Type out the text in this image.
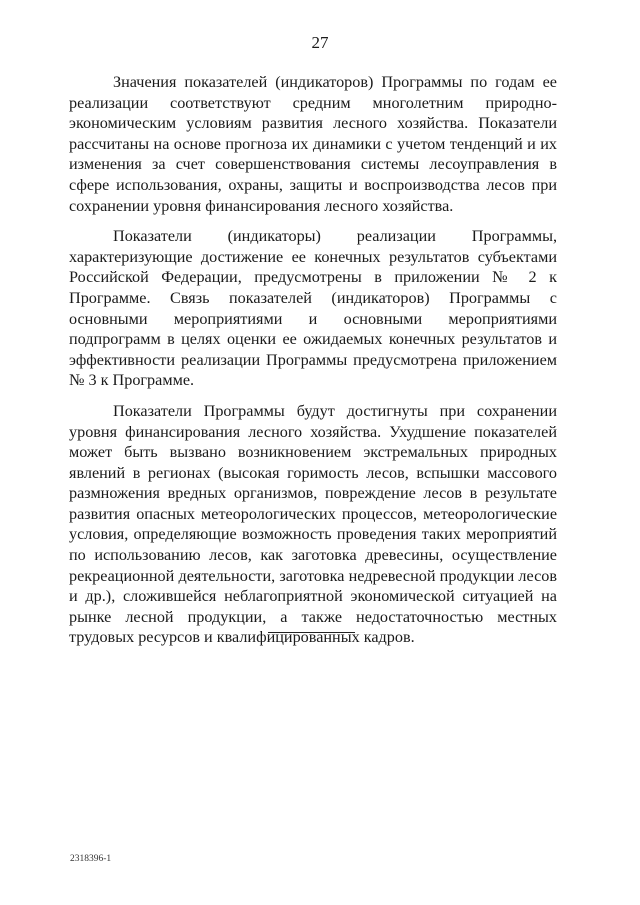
27

Значения показателей (индикаторов) Программы по годам ее реализации соответствуют средним многолетним природно-экономическим условиям развития лесного хозяйства. Показатели рассчитаны на основе прогноза их динамики с учетом тенденций и их изменения за счет совершенствования системы лесоуправления в сфере использования, охраны, защиты и воспроизводства лесов при сохранении уровня финансирования лесного хозяйства.

Показатели (индикаторы) реализации Программы, характеризующие достижение ее конечных результатов субъектами Российской Федерации, предусмотрены в приложении № 2 к Программе. Связь показателей (индикаторов) Программы с основными мероприятиями и основными мероприятиями подпрограмм в целях оценки ее ожидаемых конечных результатов и эффективности реализации Программы предусмотрена приложением № 3 к Программе.

Показатели Программы будут достигнуты при сохранении уровня финансирования лесного хозяйства. Ухудшение показателей может быть вызвано возникновением экстремальных природных явлений в регионах (высокая горимость лесов, вспышки массового размножения вредных организмов, повреждение лесов в результате развития опасных метеорологических процессов, метеорологические условия, определяющие возможность проведения таких мероприятий по использованию лесов, как заготовка древесины, осуществление рекреационной деятельности, заготовка недревесной продукции лесов и др.), сложившейся неблагоприятной экономической ситуацией на рынке лесной продукции, а также недостаточностью местных трудовых ресурсов и квалифицированных кадров.

2318396-1
